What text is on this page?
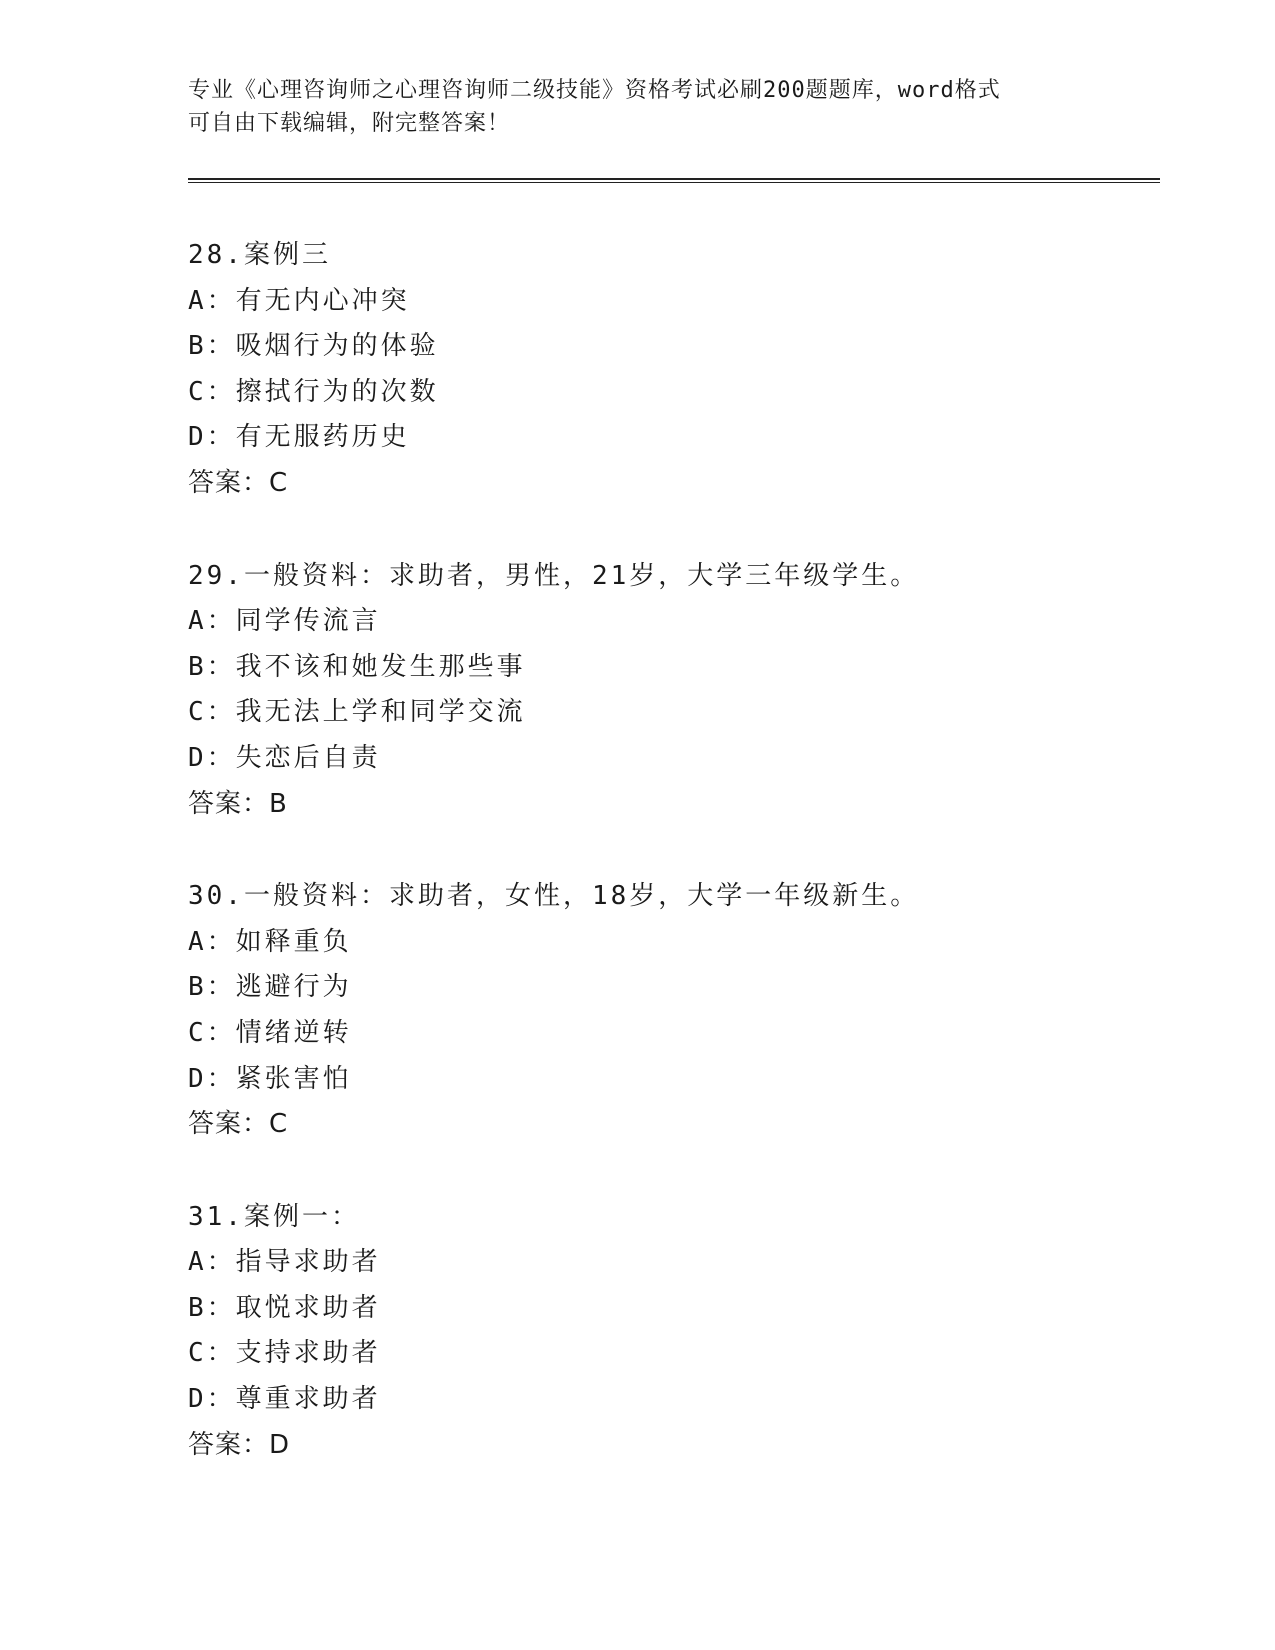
专业《心理咨询师之心理咨询师二级技能》资格考试必刷200题题库，word格式
可自由下载编辑，附完整答案！
28.案例三
A：有无内心冲突
B：吸烟行为的体验
C：擦拭行为的次数
D：有无服药历史
答案：C
29.一般资料：求助者，男性，21岁，大学三年级学生。
A：同学传流言
B：我不该和她发生那些事
C：我无法上学和同学交流
D：失恋后自责
答案：B
30.一般资料：求助者，女性，18岁，大学一年级新生。
A：如释重负
B：逃避行为
C：情绪逆转
D：紧张害怕
答案：C
31.案例一：
A：指导求助者
B：取悦求助者
C：支持求助者
D：尊重求助者
答案：D
